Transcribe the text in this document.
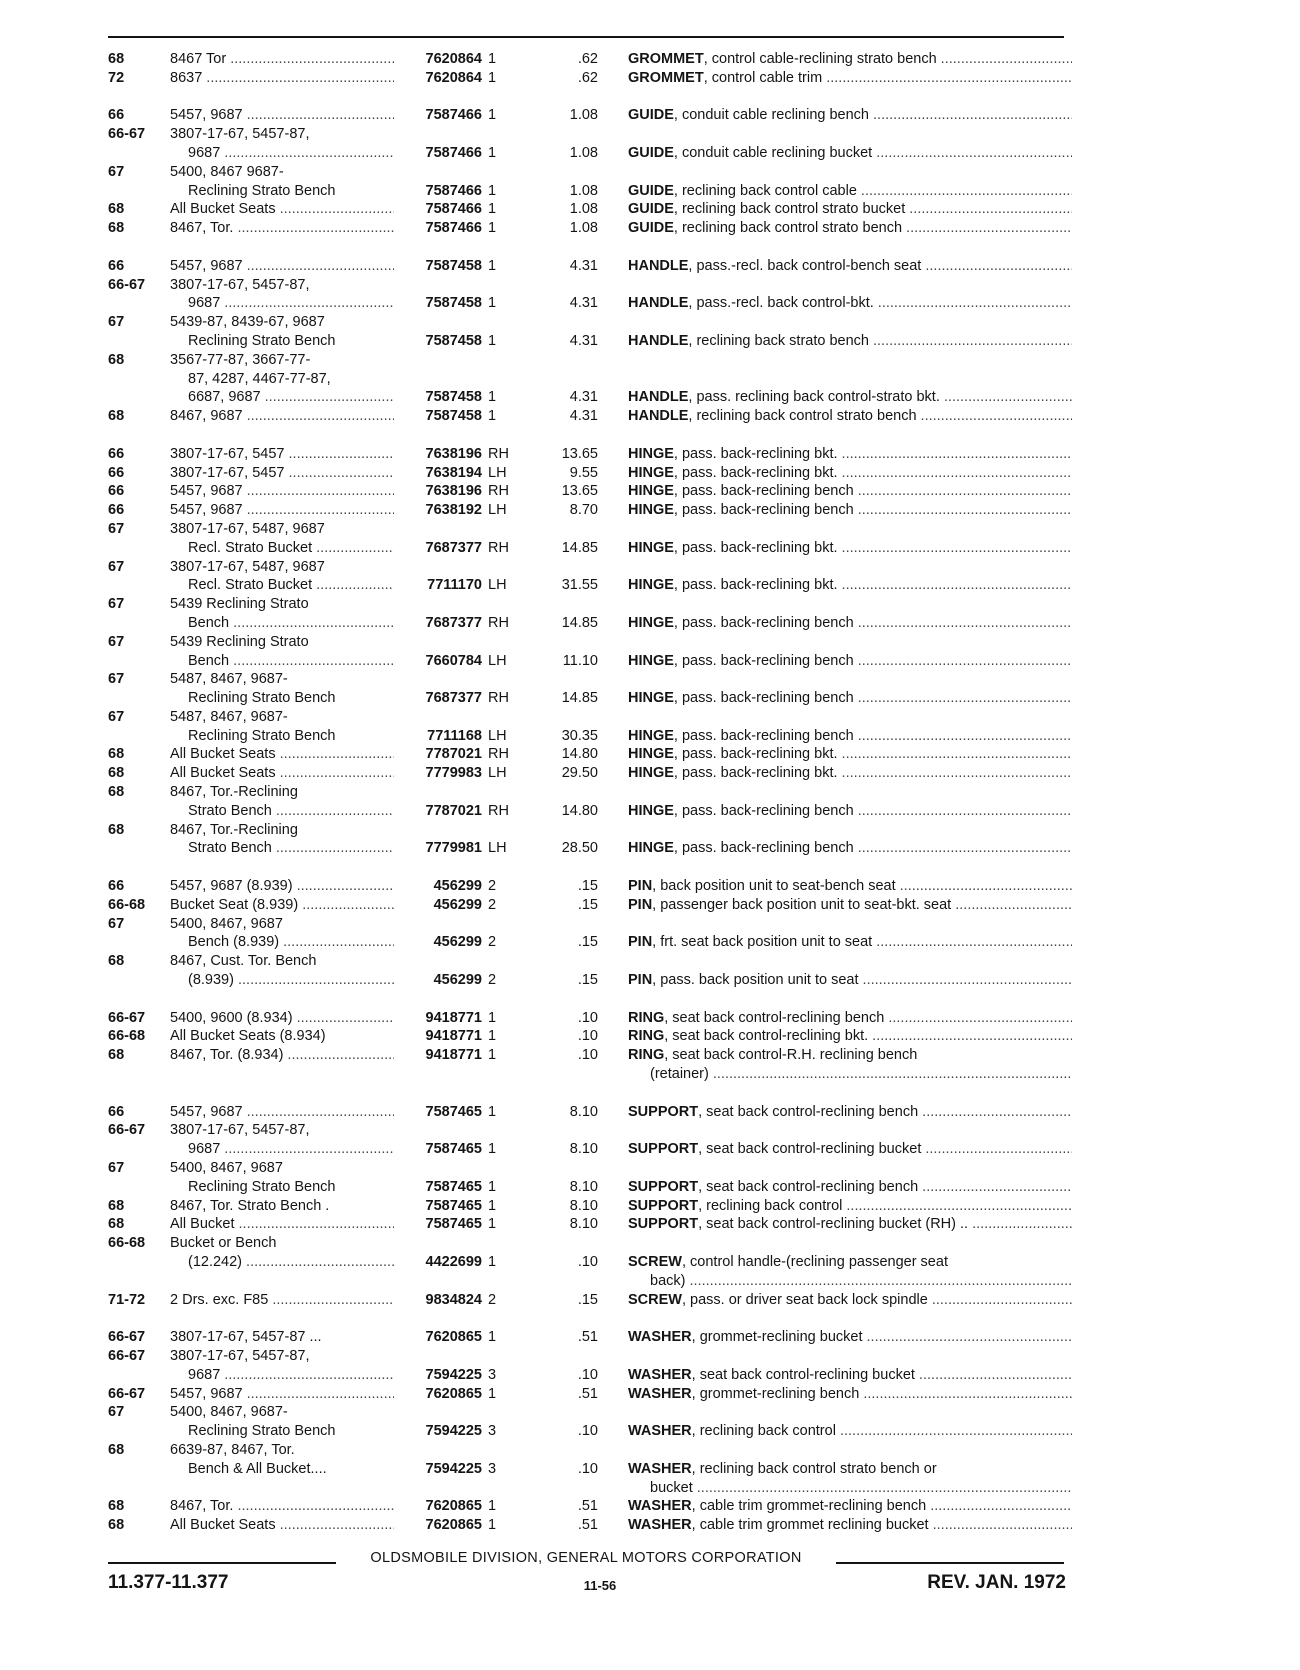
68	8467 Tor .....	7620864 1	.62 GROMMET, control cable-reclining strato bench .....
72	8637 .....	7620864 1	.62 GROMMET, control cable trim .....
66	5457, 9687 .....	7587466 1	1.08 GUIDE, conduit cable reclining bench .....
66-67	3807-17-67, 5457-87,
9687 .....	7587466 1	1.08 GUIDE, conduit cable reclining bucket .....
67	5400, 8467 9687-
Reclining Strato Bench	7587466 1	1.08 GUIDE, reclining back control cable .....
68	All Bucket Seats .....	7587466 1	1.08 GUIDE, reclining back control strato bucket .....
68	8467, Tor. .....	7587466 1	1.08 GUIDE, reclining back control strato bench .....
66	5457, 9687 .....	7587458 1	4.31 HANDLE, pass.-recl. back control-bench seat .....
66-67	3807-17-67, 5457-87,
9687 .....	7587458 1	4.31 HANDLE, pass.-recl. back control-bkt. .....
67	5439-87, 8439-67, 9687
Reclining Strato Bench	7587458 1	4.31 HANDLE, reclining back strato bench .....
68	3567-77-87, 3667-77-
87, 4287, 4467-77-87,
6687, 9687 .....	7587458 1	4.31 HANDLE, pass. reclining back control-strato bkt. .....
68	8467, 9687 .....	7587458 1	4.31 HANDLE, reclining back control strato bench .....
66	3807-17-67, 5457 .....	7638196 RH	13.65 HINGE, pass. back-reclining bkt. .....
66	3807-17-67, 5457 .....	7638194 LH	9.55 HINGE, pass. back-reclining bkt. .....
66	5457, 9687 .....	7638196 RH	13.65 HINGE, pass. back-reclining bench .....
66	5457, 9687 .....	7638192 LH	8.70 HINGE, pass. back-reclining bench .....
67	3807-17-67, 5487, 9687
Recl. Strato Bucket .....	7687377 RH	14.85 HINGE, pass. back-reclining bkt. .....
67	3807-17-67, 5487, 9687
Recl. Strato Bucket .....	7711170 LH	31.55 HINGE, pass. back-reclining bkt. .....
67	5439 Reclining Strato
Bench .....	7687377 RH	14.85 HINGE, pass. back-reclining bench .....
67	5439 Reclining Strato
Bench .....	7660784 LH	11.10 HINGE, pass. back-reclining bench .....
67	5487, 8467, 9687-
Reclining Strato Bench	7687377 RH	14.85 HINGE, pass. back-reclining bench .....
67	5487, 8467, 9687-
Reclining Strato Bench	7711168 LH	30.35 HINGE, pass. back-reclining bench .....
68	All Bucket Seats .....	7787021 RH	14.80 HINGE, pass. back-reclining bkt. .....
68	All Bucket Seats .....	7779983 LH	29.50 HINGE, pass. back-reclining bkt. .....
68	8467, Tor.-Reclining
Strato Bench .....	7787021 RH	14.80 HINGE, pass. back-reclining bench .....
68	8467, Tor.-Reclining
Strato Bench .....	7779981 LH	28.50 HINGE, pass. back-reclining bench .....
66	5457, 9687 (8.939) .....	456299 2	.15 PIN, back position unit to seat-bench seat .....
66-68	Bucket Seat (8.939) .....	456299 2	.15 PIN, passenger back position unit to seat-bkt. seat .....
67	5400, 8467, 9687
Bench (8.939) .....	456299 2	.15 PIN, frt. seat back position unit to seat .....
68	8467, Cust. Tor. Bench
(8.939) .....	456299 2	.15 PIN, pass. back position unit to seat .....
66-67	5400, 9600 (8.934) .....	9418771 1	.10 RING, seat back control-reclining bench .....
66-68	All Bucket Seats (8.934)	9418771 1	.10 RING, seat back control-reclining bkt. .....
68	8467, Tor. (8.934) .....	9418771 1	.10 RING, seat back control-R.H. reclining bench
(retainer) .....
66	5457, 9687 .....	7587465 1	8.10 SUPPORT, seat back control-reclining bench .....
66-67	3807-17-67, 5457-87,
9687 .....	7587465 1	8.10 SUPPORT, seat back control-reclining bucket .....
67	5400, 8467, 9687
Reclining Strato Bench	7587465 1	8.10 SUPPORT, seat back control-reclining bench .....
68	8467, Tor. Strato Bench .	7587465 1	8.10 SUPPORT, reclining back control .....
68	All Bucket .....	7587465 1	8.10 SUPPORT, seat back control-reclining bucket (RH) .. .....
66-68	Bucket or Bench
(12.242) .....	4422699 1	.10 SCREW, control handle-(reclining passenger seat
back) .....
71-72	2 Drs. exc. F85 .....	9834824 2	.15 SCREW, pass. or driver seat back lock spindle .....
66-67	3807-17-67, 5457-87 ...	7620865 1	.51 WASHER, grommet-reclining bucket .....
66-67	3807-17-67, 5457-87,
9687 .....	7594225 3	.10 WASHER, seat back control-reclining bucket .....
66-67	5457, 9687 .....	7620865 1	.51 WASHER, grommet-reclining bench .....
67	5400, 8467, 9687-
Reclining Strato Bench	7594225 3	.10 WASHER, reclining back control .....
68	6639-87, 8467, Tor.
Bench & All Bucket....	7594225 3	.10 WASHER, reclining back control strato bench or
bucket .....
68	8467, Tor. .....	7620865 1	.51 WASHER, cable trim grommet-reclining bench .....
68	All Bucket Seats .....	7620865 1	.51 WASHER, cable trim grommet reclining bucket .....
OLDSMOBILE DIVISION, GENERAL MOTORS CORPORATION
11.377-11.377	11-56	REV. JAN. 1972
